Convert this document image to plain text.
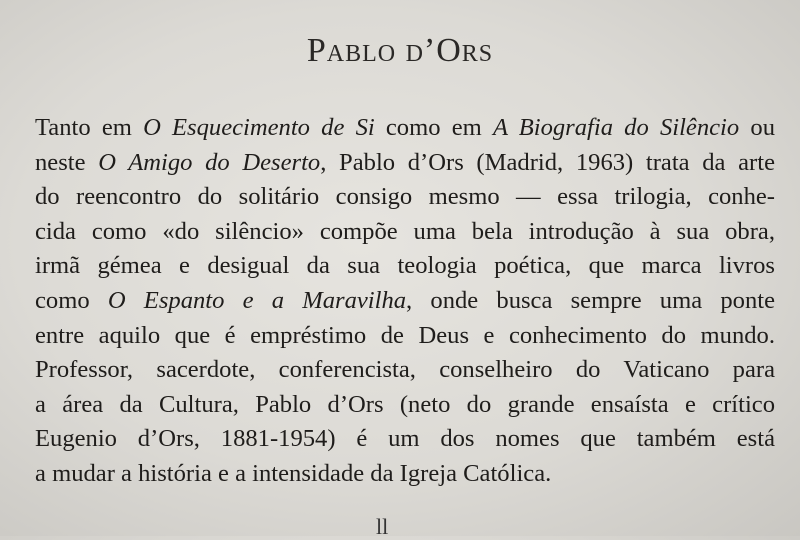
Pablo d’Ors
Tanto em O Esquecimento de Si como em A Biografia do Silêncio ou
neste O Amigo do Deserto, Pablo d’Ors (Madrid, 1963) trata da arte
do reencontro do solitário consigo mesmo — essa trilogia, conhe-
cida como «do silêncio» compõe uma bela introdução à sua obra,
irmã gémea e desigual da sua teologia poética, que marca livros
como O Espanto e a Maravilha, onde busca sempre uma ponte
entre aquilo que é empréstimo de Deus e conhecimento do mundo.
Professor, sacerdote, conferencista, conselheiro do Vaticano para
a área da Cultura, Pablo d’Ors (neto do grande ensaísta e crítico
Eugenio d’Ors, 1881-1954) é um dos nomes que também está
a mudar a história e a intensidade da Igreja Católica.
ll
